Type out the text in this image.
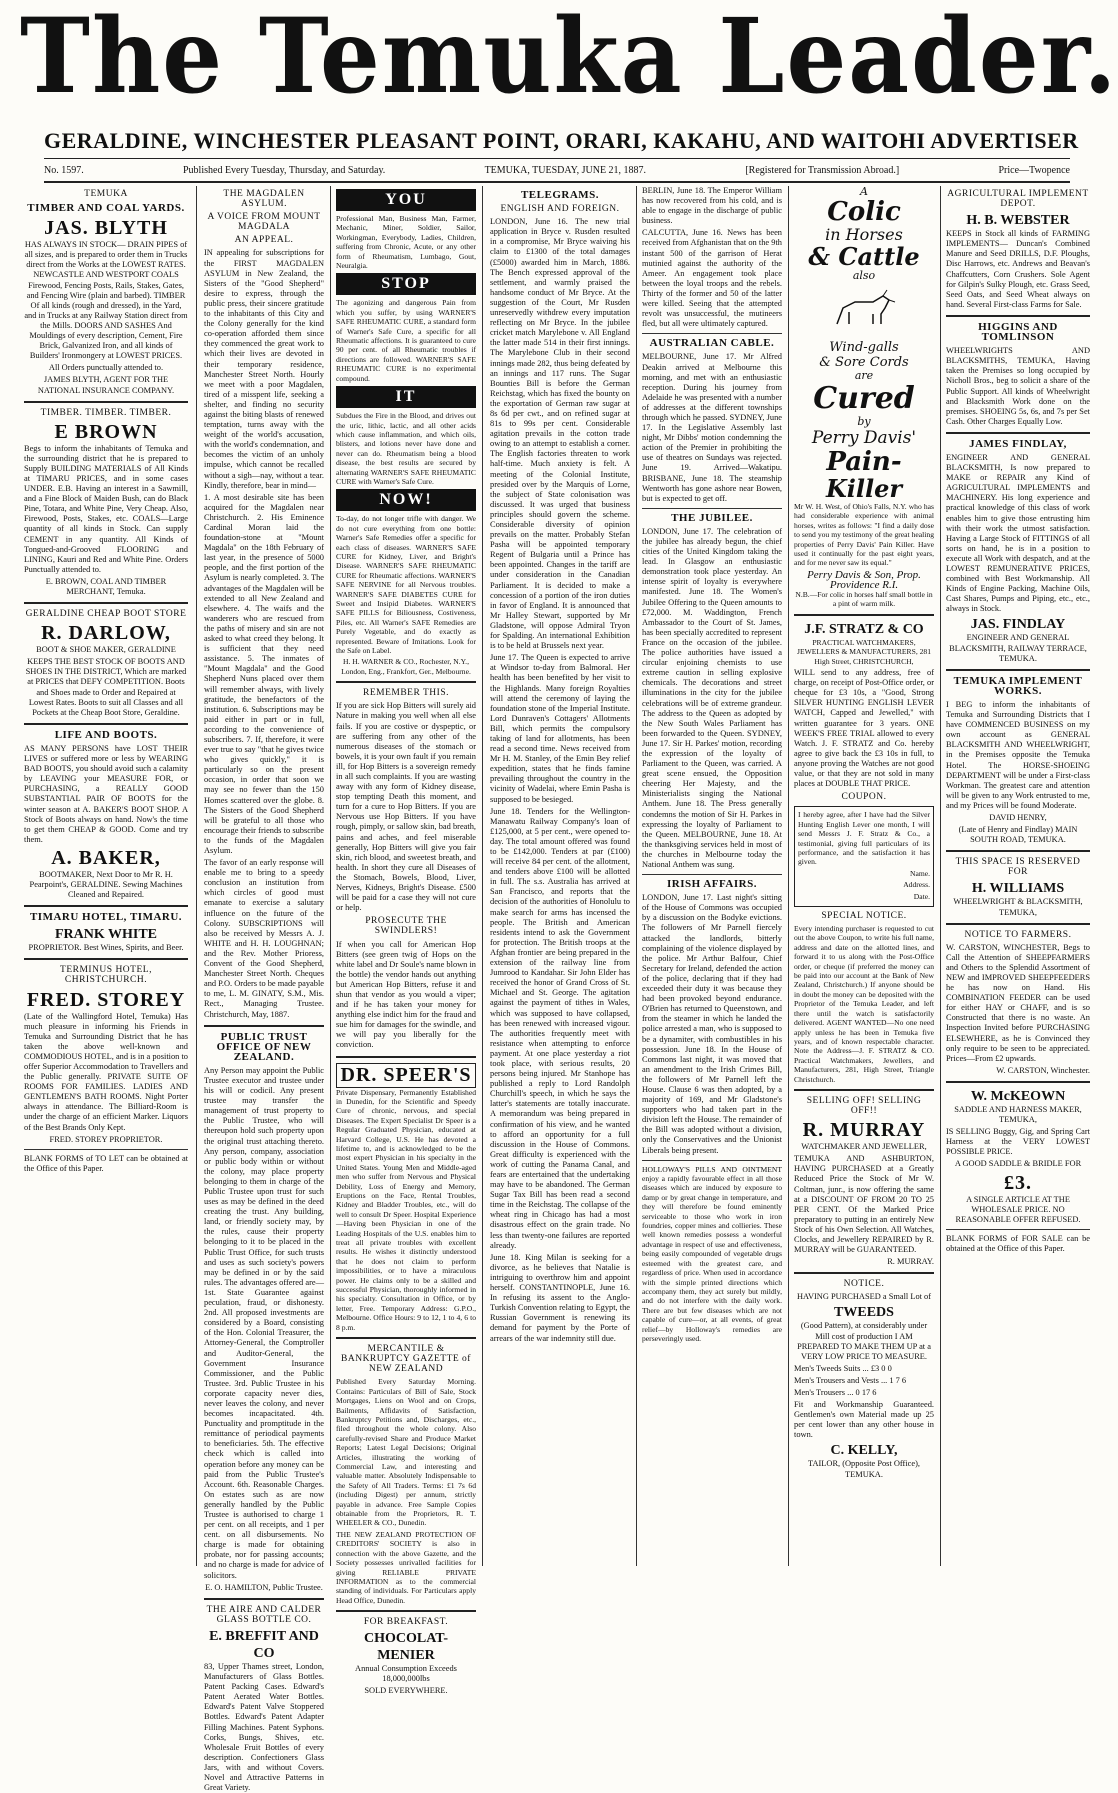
The Temuka Leader.
GERALDINE, WINCHESTER PLEASANT POINT, ORARI, KAKAHU, AND WAITOHI ADVERTISER
No. 1597.	Published Every Tuesday, Thursday, and Saturday.	TEMUKA, TUESDAY, JUNE 21, 1887.	[Registered for Transmission Abroad.]	Price—Twopence
TEMUKA
TIMBER AND COAL YARDS.
JAS. BLYTH

HAS ALWAYS IN STOCK— DRAIN PIPES of all sizes, and is prepared to order them in Trucks direct from the Works at the LOWEST RATES. NEWCASTLE AND WESTPORT COALS Firewood, Fencing Posts, Rails, Stakes, Gates, and Fencing Wire (plain and barbed). TIMBER Of all kinds (rough and dressed), in the Yard, and in Trucks at any Railway Station direct from the Mills. DOORS AND SASHES And Mouldings of every description, Cement, Fire Brick, Galvanized Iron, and all kinds of Builders' Ironmongery at LOWEST PRICES.

All Orders punctually attended to.

JAMES BLYTH, AGENT FOR THE NATIONAL INSURANCE COMPANY.

TIMBER. TIMBER. TIMBER.
E BROWN

Begs to inform the inhabitants of Temuka and the surrounding district that he is prepared to Supply BUILDING MATERIALS of All Kinds at TIMARU PRICES, and in some cases UNDER. E.B. Having an interest in a Sawmill, and a Fine Block of Maiden Bush, can do Black Pine, Totara, and White Pine, Very Cheap. Also, Firewood, Posts, Stakes, etc. COALS—Large quantity of all kinds in Stock. Can supply CEMENT in any quantity. All Kinds of Tongued-and-Grooved FLOORING and LINING, Kauri and Red and White Pine. Orders Punctually attended to.

E. BROWN, COAL AND TIMBER MERCHANT, Temuka.

GERALDINE CHEAP BOOT STORE
R. DARLOW,

BOOT & SHOE MAKER, GERALDINE

KEEPS THE BEST STOCK OF BOOTS AND SHOES IN THE DISTRICT, Which are marked at PRICES that DEFY COMPETITION. Boots and Shoes made to Order and Repaired at Lowest Rates. Boots to suit all Classes and all Pockets at the Cheap Boot Store, Geraldine.

LIFE AND BOOTS.

AS MANY PERSONS have LOST THEIR LIVES or suffered more or less by WEARING BAD BOOTS, you should avoid such a calamity by LEAVING your MEASURE FOR, or PURCHASING, a REALLY GOOD SUBSTANTIAL PAIR OF BOOTS for the winter season at A. BAKER'S BOOT SHOP. A Stock of Boots always on hand. Now's the time to get them CHEAP & GOOD. Come and try them.

A. BAKER,

BOOTMAKER, Next Door to Mr R. H. Pearpoint's, GERALDINE. Sewing Machines Cleaned and Repaired.

TIMARU HOTEL, TIMARU.
FRANK WHITE

PROPRIETOR. Best Wines, Spirits, and Beer.

TERMINUS HOTEL, CHRISTCHURCH.
FRED. STOREY

(Late of the Wallingford Hotel, Temuka) Has much pleasure in informing his Friends in Temuka and Surrounding District that he has taken the above well-known and COMMODIOUS HOTEL, and is in a position to offer Superior Accommodation to Travellers and the Public generally. PRIVATE SUITE OF ROOMS FOR FAMILIES. LADIES AND GENTLEMEN'S BATH ROOMS. Night Porter always in attendance. The Billiard-Room is under the charge of an efficient Marker. Liquors of the Best Brands Only Kept.

FRED. STOREY PROPRIETOR.

BLANK FORMS of TO LET can be obtained at the Office of this Paper.

THE MAGDALEN ASYLUM.
A VOICE FROM MOUNT MAGDALA
AN APPEAL.

IN appealing for subscriptions for the FIRST MAGDALEN ASYLUM in New Zealand, the Sisters of the "Good Shepherd" desire to express, through the public press, their sincere gratitude to the inhabitants of this City and the Colony generally for the kind co-operation afforded them since they commenced the great work to which their lives are devoted in their temporary residence, Manchester Street North. Hourly we meet with a poor Magdalen, tired of a misspent life, seeking a shelter, and finding no security against the biting blasts of renewed temptation, turns away with the weight of the world's accusation, with the world's condemnation, and becomes the victim of an unholy impulse, which cannot be recalled without a sigh—nay, without a tear. Kindly, therefore, bear in mind—

1. A most desirable site has been acquired for the Magdalen near Christchurch. 2. His Eminence Cardinal Moran laid the foundation-stone at "Mount Magdala" on the 18th February of last year, in the presence of 5000 people, and the first portion of the Asylum is nearly completed. 3. The advantages of the Magdalen will be extended to all New Zealand and elsewhere. 4. The waifs and the wanderers who are rescued from the paths of misery and sin are not asked to what creed they belong. It is sufficient that they need assistance. 5. The inmates of "Mount Magdala" and the Good Shepherd Nuns placed over them will remember always, with lively gratitude, the benefactors of the institution. 6. Subscriptions may be paid either in part or in full, according to the convenience of subscribers. 7. If, therefore, it were ever true to say "that he gives twice who gives quickly," it is particularly so on the present occasion, in order that soon we may see no fewer than the 150 Homes scattered over the globe. 8. The Sisters of the Good Shepherd will be grateful to all those who encourage their friends to subscribe to the funds of the Magdalen Asylum.

The favor of an early response will enable me to bring to a speedy conclusion an institution from which circles of good must emanate to exercise a salutary influence on the future of the Colony. SUBSCRIPTIONS will also be received by Messrs A. J. WHITE and H. H. LOUGHNAN; and the Rev. Mother Prioress, Convent of the Good Shepherd, Manchester Street North. Cheques and P.O. Orders to be made payable to me, L. M. GINATY, S.M., Mis. Rect., Managing Trustee. Christchurch, May, 1887.

PUBLIC TRUST OFFICE OF NEW ZEALAND.

Any Person may appoint the Public Trustee executor and trustee under his will or codicil. Any present trustee may transfer the management of trust property to the Public Trustee, who will thereupon hold such property upon the original trust attaching thereto. Any person, company, association or public body within or without the colony, may place property belonging to them in charge of the Public Trustee upon trust for such uses as may be defined in the deed creating the trust. Any building, land, or friendly society may, by the rules, cause their property belonging to it to be placed in the Public Trust Office, for such trusts and uses as such society's powers may be defined in or by the said rules. The advantages offered are—1st. State Guarantee against peculation, fraud, or dishonesty. 2nd. All proposed investments are considered by a Board, consisting of the Hon. Colonial Treasurer, the Attorney-General, the Comptroller and Auditor-General, the Government Insurance Commissioner, and the Public Trustee. 3rd. Public Trustee in his corporate capacity never dies, never leaves the colony, and never becomes incapacitated. 4th. Punctuality and promptitude in the remittance of periodical payments to beneficiaries. 5th. The effective check which is called into operation before any money can be paid from the Public Trustee's Account. 6th. Reasonable Charges. On estates such as are now generally handled by the Public Trustee is authorised to charge 1 per cent. on all receipts, and 1 per cent. on all disbursements. No charge is made for obtaining probate, nor for passing accounts; and no charge is made for advice of solicitors.

E. O. HAMILTON, Public Trustee.

THE AIRE AND CALDER GLASS BOTTLE CO.
E. BREFFIT AND CO

83, Upper Thames street, London, Manufacturers of Glass Bottles. Patent Packing Cases. Edward's Patent Aerated Water Bottles. Edward's Patent Valve Stoppered Bottles. Edward's Patent Adapter Filling Machines. Patent Syphons. Corks, Bungs, Shives, etc. Wholesale Fruit Bottles of every description. Confectioners Glass Jars, with and without Covers. Novel and Attractive Patterns in Great Variety.

YOU

Professional Man, Business Man, Farmer, Mechanic, Miner, Soldier, Sailor, Workingman, Everybody, Ladies, Children, suffering from Chronic, Acute, or any other form of Rheumatism, Lumbago, Gout, Neuralgia.

STOP

The agonizing and dangerous Pain from which you suffer, by using WARNER'S SAFE RHEUMATIC CURE, a standard form of Warner's Safe Cure, a specific for all Rheumatic affections. It is guaranteed to cure 90 per cent. of all Rheumatic troubles if directions are followed. WARNER'S SAFE RHEUMATIC CURE is no experimental compound.

IT

Subdues the Fire in the Blood, and drives out the uric, lithic, lactic, and all other acids which cause inflammation, and which oils, blisters, and lotions never have done and never can do. Rheumatism being a blood disease, the best results are secured by alternating WARNER'S SAFE RHEUMATIC CURE with Warner's Safe Cure.

NOW!

To-day, do not longer trifle with danger. We do not cure everything from one bottle: Warner's Safe Remedies offer a specific for each class of diseases. WARNER'S SAFE CURE for Kidney, Liver, and Bright's Disease. WARNER'S SAFE RHEUMATIC CURE for Rheumatic affections. WARNER'S SAFE NERVINE for all Nervous troubles. WARNER'S SAFE DIABETES CURE for Sweet and Insipid Diabetes. WARNER'S SAFE PILLS for Biliousness, Costiveness, Piles, etc. All Warner's SAFE Remedies are Purely Vegetable, and do exactly as represented. Beware of Imitations. Look for the Safe on Label.

H. H. WARNER & CO., Rochester, N.Y., London, Eng., Frankfort, Ger., Melbourne.

REMEMBER THIS.

If you are sick Hop Bitters will surely aid Nature in making you well when all else fails. If you are costive or dyspeptic, or are suffering from any other of the numerous diseases of the stomach or bowels, it is your own fault if you remain ill, for Hop Bitters is a sovereign remedy in all such complaints. If you are wasting away with any form of Kidney disease, stop tempting Death this moment, and turn for a cure to Hop Bitters. If you are Nervous use Hop Bitters. If you have rough, pimply, or sallow skin, bad breath, pains and aches, and feel miserable generally, Hop Bitters will give you fair skin, rich blood, and sweetest breath, and health. In short they cure all Diseases of the Stomach, Bowels, Blood, Liver, Nerves, Kidneys, Bright's Disease. £500 will be paid for a case they will not cure or help.

PROSECUTE THE SWINDLERS!

If when you call for American Hop Bitters (see green twig of Hops on the white label and Dr Soule's name blown in the bottle) the vendor hands out anything but American Hop Bitters, refuse it and shun that vendor as you would a viper; and if he has taken your money for anything else indict him for the fraud and sue him for damages for the swindle, and we will pay you liberally for the conviction.

DR. SPEER'S

Private Dispensary, Permanently Established in Dunedin, for the Scientific and Speedy Cure of chronic, nervous, and special Diseases. The Expert Specialist Dr Speer is a Regular Graduated Physician, educated at Harvard College, U.S. He has devoted a lifetime to, and is acknowledged to be the most expert Physician in his specialty in the United States. Young Men and Middle-aged men who suffer from Nervous and Physical Debility, Loss of Energy and Memory, Eruptions on the Face, Rental Troubles, Kidney and Bladder Troubles, etc., will do well to consult Dr Speer. Hospital Experience—Having been Physician in one of the Leading Hospitals of the U.S. enables him to treat all private troubles with excellent results. He wishes it distinctly understood that he does not claim to perform impossibilities, or to have a miraculous power. He claims only to be a skilled and successful Physician, thoroughly informed in his specialty. Consultation in Office, or by letter, Free. Temporary Address: G.P.O., Melbourne. Office Hours: 9 to 12, 1 to 4, 6 to 8 p.m.

MERCANTILE & BANKRUPTCY GAZETTE of NEW ZEALAND

Published Every Saturday Morning. Contains: Particulars of Bill of Sale, Stock Mortgages, Liens on Wool and on Crops, Bailments, Affidavits of Satisfaction, Bankruptcy Petitions and, Discharges, etc., filed throughout the whole colony. Also carefully-revised Share and Produce Market Reports; Latest Legal Decisions; Original Articles, illustrating the working of Commercial Law, and interesting and valuable matter. Absolutely Indispensable to the Safety of All Traders. Terms: £1 7s 6d (including Digest) per annum, strictly payable in advance. Free Sample Copies obtainable from the Proprietors, R. T. WHEELER & CO., Dunedin.

THE NEW ZEALAND PROTECTION OF CREDITORS' SOCIETY is also in connection with the above Gazette, and the Society possesses unrivalled facilities for giving RELIABLE PRIVATE INFORMATION as to the commercial standing of individuals. For Particulars apply Head Office, Dunedin.

FOR BREAKFAST.
CHOCOLAT-MENIER

Annual Consumption Exceeds 18,000,000lbs

SOLD EVERYWHERE.

TELEGRAMS.
ENGLISH AND FOREIGN.

LONDON, June 16. The new trial application in Bryce v. Rusden resulted in a compromise, Mr Bryce waiving his claim to £1300 of the total damages (£5000) awarded him in March, 1886. The Bench expressed approval of the settlement, and warmly praised the handsome conduct of Mr Bryce. At the suggestion of the Court, Mr Rusden unreservedly withdrew every imputation reflecting on Mr Bryce. In the jubilee cricket match Marylebone v. All England the latter made 514 in their first innings. The Marylebone Club in their second innings made 282, thus being defeated by an innings and 117 runs. The Sugar Bounties Bill is before the German Reichstag, which has fixed the bounty on the exportation of German raw sugar at 8s 6d per cwt., and on refined sugar at 81s to 99s per cent. Considerable agitation prevails in the cotton trade owing to an attempt to establish a corner. The English factories threaten to work half-time. Much anxiety is felt. A meeting of the Colonial Institute, presided over by the Marquis of Lorne, the subject of State colonisation was discussed. It was urged that business principles should govern the scheme. Considerable diversity of opinion prevails on the matter. Probably Stefan Pasha will be appointed temporary Regent of Bulgaria until a Prince has been appointed. Changes in the tariff are under consideration in the Canadian Parliament. It is decided to make a concession of a portion of the iron duties in favor of England. It is announced that Mr Halley Stewart, supported by Mr Gladstone, will oppose Admiral Tryon for Spalding. An international Exhibition is to be held at Brussels next year.

June 17. The Queen is expected to arrive at Windsor to-day from Balmoral. Her health has been benefited by her visit to the Highlands. Many foreign Royalties will attend the ceremony of laying the foundation stone of the Imperial Institute. Lord Dunraven's Cottagers' Allotments Bill, which permits the compulsory taking of land for allotments, has been read a second time. News received from Mr H. M. Stanley, of the Emin Bey relief expedition, states that he finds famine prevailing throughout the country in the vicinity of Wadelai, where Emin Pasha is supposed to be besieged.

June 18. Tenders for the Wellington-Manawatu Railway Company's loan of £125,000, at 5 per cent., were opened to-day. The total amount offered was found to be £142,000. Tenders at par (£100) will receive 84 per cent. of the allotment, and tenders above £100 will be allotted in full. The s.s. Australia has arrived at San Francisco, and reports that the decision of the authorities of Honolulu to make search for arms has incensed the people. The British and American residents intend to ask the Government for protection. The British troops at the Afghan frontier are being prepared in the extension of the railway line from Jumrood to Kandahar. Sir John Elder has received the honor of Grand Cross of St. Michael and St. George. The agitation against the payment of tithes in Wales, which was supposed to have collapsed, has been renewed with increased vigour. The authorities frequently meet with resistance when attempting to enforce payment. At one place yesterday a riot took place, with serious results, 20 persons being injured. Mr Stanhope has published a reply to Lord Randolph Churchill's speech, in which he says the latter's statements are totally inaccurate. A memorandum was being prepared in confirmation of his view, and he wanted to afford an opportunity for a full discussion in the House of Commons. Great difficulty is experienced with the work of cutting the Panama Canal, and fears are entertained that the undertaking may have to be abandoned. The German Sugar Tax Bill has been read a second time in the Reichstag. The collapse of the wheat ring in Chicago has had a most disastrous effect on the grain trade. No less than twenty-one failures are reported already.

June 18. King Milan is seeking for a divorce, as he believes that Natalie is intriguing to overthrow him and appoint herself. CONSTANTINOPLE, June 16. In refusing its assent to the Anglo-Turkish Convention relating to Egypt, the Russian Government is renewing its demand for payment by the Porte of arrears of the war indemnity still due.

BERLIN, June 18. The Emperor William has now recovered from his cold, and is able to engage in the discharge of public business.

CALCUTTA, June 16. News has been received from Afghanistan that on the 9th instant 500 of the garrison of Herat mutinied against the authority of the Ameer. An engagement took place between the loyal troops and the rebels. Thirty of the former and 50 of the latter were killed. Seeing that the attempted revolt was unsuccessful, the mutineers fled, but all were ultimately captured.

AUSTRALIAN CABLE.

MELBOURNE, June 17. Mr Alfred Deakin arrived at Melbourne this morning, and met with an enthusiastic reception. During his journey from Adelaide he was presented with a number of addresses at the different townships through which he passed. SYDNEY, June 17. In the Legislative Assembly last night, Mr Dibbs' motion condemning the action of the Premier in prohibiting the use of theatres on Sundays was rejected. June 19. Arrived—Wakatipu. BRISBANE, June 18. The steamship Wentworth has gone ashore near Bowen, but is expected to get off.

THE JUBILEE.

LONDON, June 17. The celebration of the jubilee has already begun, the chief cities of the United Kingdom taking the lead. In Glasgow an enthusiastic demonstration took place yesterday. An intense spirit of loyalty is everywhere manifested. June 18. The Women's Jubilee Offering to the Queen amounts to £72,000. M. Waddington, French Ambassador to the Court of St. James, has been specially accredited to represent France on the occasion of the jubilee. The police authorities have issued a circular enjoining chemists to use extreme caution in selling explosive chemicals. The decorations and street illuminations in the city for the jubilee celebrations will be of extreme grandeur. The address to the Queen as adopted by the New South Wales Parliament has been forwarded to the Queen. SYDNEY, June 17. Sir H. Parkes' motion, recording the expression of the loyalty of Parliament to the Queen, was carried. A great scene ensued, the Opposition cheering Her Majesty, and the Ministerialists singing the National Anthem. June 18. The Press generally condemns the motion of Sir H. Parkes in expressing the loyalty of Parliament to the Queen. MELBOURNE, June 18. At the thanksgiving services held in most of the churches in Melbourne today the National Anthem was sung.

IRISH AFFAIRS.

LONDON, June 17. Last night's sitting of the House of Commons was occupied by a discussion on the Bodyke evictions. The followers of Mr Parnell fiercely attacked the landlords, bitterly complaining of the violence displayed by the police. Mr Arthur Balfour, Chief Secretary for Ireland, defended the action of the police, declaring that if they had exceeded their duty it was because they had been provoked beyond endurance. O'Brien has returned to Queenstown, and from the steamer in which he landed the police arrested a man, who is supposed to be a dynamiter, with combustibles in his possession. June 18. In the House of Commons last night, it was moved that an amendment to the Irish Crimes Bill, the followers of Mr Parnell left the House. Clause 6 was then adopted, by a majority of 169, and Mr Gladstone's supporters who had taken part in the division left the House. The remainder of the Bill was adopted without a division, only the Conservatives and the Unionist Liberals being present.

HOLLOWAY'S PILLS AND OINTMENT enjoy a rapidly favourable effect in all those diseases which are induced by exposure to damp or by great change in temperature, and they will therefore be found eminently serviceable to those who work in iron foundries, copper mines and collieries. These well known remedies possess a wonderful advantage in respect of use and effectiveness, being easily compounded of vegetable drugs esteemed with the greatest care, and regardless of price. When used in accordance with the simple printed directions which accompany them, they act surely but mildly, and do not interfere with the daily work. There are but few diseases which are not capable of cure—or, at all events, of great relief—by Holloway's remedies are perseveringly used.

A
Colic
in Horses
& Cattle
also
Wind-galls
& Sore Cords
are
Cured
by
Perry Davis'
Pain-
Killer

Mr W. H. West, of Ohio's Falls, N.Y. who has had considerable experience with animal horses, writes as follows: "I find a daily dose to send you my testimony of the great healing properties of Perry Davis' Pain Killer. Have used it continually for the past eight years, and for me never saw its equal."

Perry Davis & Son, Prop.
Providence R.I.

N.B.—For colic in horses half small bottle in a pint of warm milk.

J.F. STRATZ & CO

PRACTICAL WATCHMAKERS, JEWELLERS & MANUFACTURERS, 281 High Street, CHRISTCHURCH,

WILL send to any address, free of charge, on receipt of Post-Office order, or cheque for £3 10s, a "Good, Strong SILVER HUNTING ENGLISH LEVER WATCH, Capped and Jewelled," with written guarantee for 3 years. ONE WEEK'S FREE TRIAL allowed to every Watch. J. F. STRATZ and Co. hereby agree to give back the £3 10s in full, to anyone proving the Watches are not good value, or that they are not sold in many places at DOUBLE THAT PRICE.

COUPON.

I hereby agree, after I have had the Silver Hunting English Lever one month, I will send Messrs J. F. Stratz & Co., a testimonial, giving full particulars of its performance, and the satisfaction it has given.

Name.

Address.

Date.

SPECIAL NOTICE.

Every intending purchaser is requested to cut out the above Coupon, to write his full name, address and date on the allotted lines, and forward it to us along with the Post-Office order, or cheque (if preferred the money can be paid into our account at the Bank of New Zealand, Christchurch.) If anyone should be in doubt the money can be deposited with the Proprietor of the Temuka Leader, and left there until the watch is satisfactorily delivered. AGENT WANTED—No one need apply unless he has been in Temuka five years, and of known respectable character. Note the Address—J. F. STRATZ & CO. Practical Watchmakers, Jewellers, and Manufacturers, 281, High Street, Triangle Christchurch.

SELLING OFF! SELLING OFF!!
R. MURRAY

WATCHMAKER AND JEWELLER,

TEMUKA AND ASHBURTON, HAVING PURCHASED at a Greatly Reduced Price the Stock of Mr W. Coltman, junr., is now offering the same at a DISCOUNT OF FROM 20 TO 25 PER CENT. Of the Marked Price preparatory to putting in an entirely New Stock of his Own Selection. All Watches, Clocks, and Jewellery REPAIRED by R. MURRAY will be GUARANTEED.

R. MURRAY.

NOTICE.

HAVING PURCHASED a Small Lot of

TWEEDS

(Good Pattern), at considerably under Mill cost of production I AM PREPARED TO MAKE THEM UP at a VERY LOW PRICE TO MEASURE.

Men's Tweeds Suits ... £3 0 0

Men's Trousers and Vests ... 1 7 6

Men's Trousers ... 0 17 6

Fit and Workmanship Guaranteed. Gentlemen's own Material made up 25 per cent lower than any other house in town.

C. KELLY,

TAILOR, (Opposite Post Office), TEMUKA.

AGRICULTURAL IMPLEMENT DEPOT.
H. B. WEBSTER

KEEPS in Stock all kinds of FARMING IMPLEMENTS— Duncan's Combined Manure and Seed DRILLS, D.F. Ploughs, Disc Harrows, etc. Andrews and Beavan's Chaffcutters, Corn Crushers. Sole Agent for Gilpin's Sulky Plough, etc. Grass Seed, Seed Oats, and Seed Wheat always on hand. Several First-class Farms for Sale.

HIGGINS AND TOMLINSON

WHEELWRIGHTS AND BLACKSMITHS, TEMUKA, Having taken the Premises so long occupied by Nicholl Bros., beg to solicit a share of the Public Support. All kinds of Wheelwright and Blacksmith Work done on the premises. SHOEING 5s, 6s, and 7s per Set Cash. Other Charges Equally Low.

JAMES FINDLAY,

ENGINEER AND GENERAL BLACKSMITH, Is now prepared to MAKE or REPAIR any Kind of AGRICULTURAL IMPLEMENTS and MACHINERY. His long experience and practical knowledge of this class of work enables him to give those entrusting him with their work the utmost satisfaction. Having a Large Stock of FITTINGS of all sorts on hand, he is in a position to execute all Work with despatch, and at the LOWEST REMUNERATIVE PRICES, combined with Best Workmanship. All Kinds of Engine Packing, Machine Oils, Cast Shares, Pumps and Piping, etc., etc., always in Stock.

JAS. FINDLAY

ENGINEER AND GENERAL BLACKSMITH, RAILWAY TERRACE, TEMUKA.

TEMUKA IMPLEMENT WORKS.

I BEG to inform the inhabitants of Temuka and Surrounding Districts that I have COMMENCED BUSINESS on my own account as GENERAL BLACKSMITH AND WHEELWRIGHT, in the Premises opposite the Temuka Hotel. The HORSE-SHOEING DEPARTMENT will be under a First-class Workman. The greatest care and attention will be given to any Work entrusted to me, and my Prices will be found Moderate.

DAVID HENRY,

(Late of Henry and Findlay) MAIN SOUTH ROAD, TEMUKA.

THIS SPACE IS RESERVED FOR
H. WILLIAMS

WHEELWRIGHT & BLACKSMITH, TEMUKA,

NOTICE TO FARMERS.

W. CARSTON, WINCHESTER, Begs to Call the Attention of SHEEPFARMERS and Others to the Splendid Assortment of NEW and IMPROVED SHEEPFEEDERS he has now on Hand. His COMBINATION FEEDER can be used for either HAY or CHAFF, and is so Constructed that there is no waste. An Inspection Invited before PURCHASING ELSEWHERE, as he is Convinced they only require to be seen to be appreciated. Prices—From £2 upwards.

W. CARSTON, Winchester.

W. McKEOWN

SADDLE AND HARNESS MAKER, TEMUKA,

IS SELLING Buggy, Gig, and Spring Cart Harness at the VERY LOWEST POSSIBLE PRICE.

A GOOD SADDLE & BRIDLE FOR

£3.

A SINGLE ARTICLE AT THE WHOLESALE PRICE. NO REASONABLE OFFER REFUSED.

BLANK FORMS of FOR SALE can be obtained at the Office of this Paper.
